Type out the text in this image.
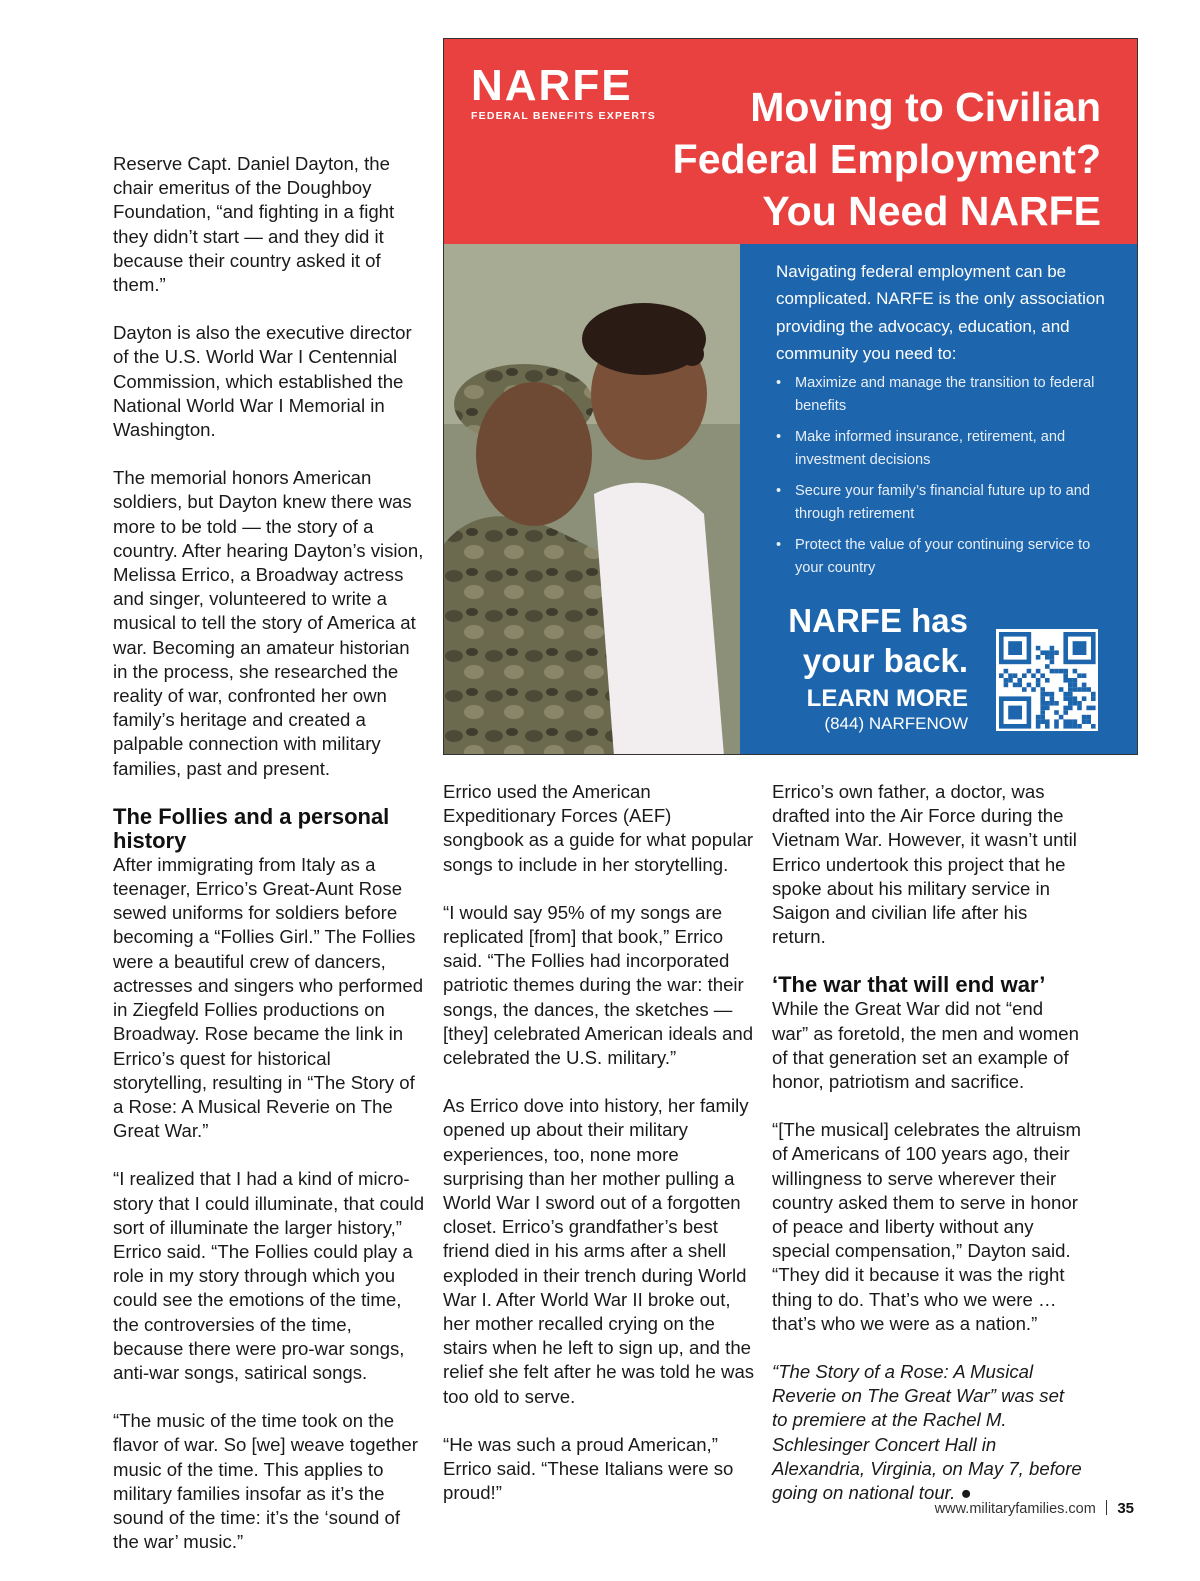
NARFE
FEDERAL BENEFITS EXPERTS	Moving to Civilian
Federal Employment?
You Need NARFE
Navigating federal employment can be complicated. NARFE is the only association providing the advocacy, education, and community you need to:
• Maximize and manage the transition to federal benefits
• Make informed insurance, retirement, and investment decisions
• Secure your family’s financial future up to and through retirement
• Protect the value of your continuing service to your country
NARFE has
your back.
LEARN MORE
(844) NARFENOW

Reserve Capt. Daniel Dayton, the chair emeritus of the Doughboy Foundation, “and fighting in a fight they didn’t start — and they did it because their country asked it of them.”

Dayton is also the executive director of the U.S. World War I Centennial Commission, which established the National World War I Memorial in Washington.

The memorial honors American soldiers, but Dayton knew there was more to be told — the story of a country. After hearing Dayton’s vision, Melissa Errico, a Broadway actress and singer, volunteered to write a musical to tell the story of America at war. Becoming an amateur historian in the process, she researched the reality of war, confronted her own family’s heritage and created a palpable connection with military families, past and present.

The Follies and a personal history

After immigrating from Italy as a teenager, Errico’s Great-Aunt Rose sewed uniforms for soldiers before becoming a “Follies Girl.” The Follies were a beautiful crew of dancers, actresses and singers who performed in Ziegfeld Follies productions on Broadway. Rose became the link in Errico’s quest for historical storytelling, resulting in “The Story of a Rose: A Musical Reverie on The Great War.”

“I realized that I had a kind of micro-story that I could illuminate, that could sort of illuminate the larger history,” Errico said. “The Follies could play a role in my story through which you could see the emotions of the time, the controversies of the time, because there were pro-war songs, anti-war songs, satirical songs.

“The music of the time took on the flavor of war. So [we] weave together music of the time. This applies to military families insofar as it’s the sound of the time: it’s the ‘sound of the war’ music.”

Errico used the American Expeditionary Forces (AEF) songbook as a guide for what popular songs to include in her storytelling.

“I would say 95% of my songs are replicated [from] that book,” Errico said. “The Follies had incorporated patriotic themes during the war: their songs, the dances, the sketches — [they] celebrated American ideals and celebrated the U.S. military.”

As Errico dove into history, her family opened up about their military experiences, too, none more surprising than her mother pulling a World War I sword out of a forgotten closet. Errico’s grandfather’s best friend died in his arms after a shell exploded in their trench during World War I. After World War II broke out, her mother recalled crying on the stairs when he left to sign up, and the relief she felt after he was told he was too old to serve.

“He was such a proud American,” Errico said. “These Italians were so proud!”

Errico’s own father, a doctor, was drafted into the Air Force during the Vietnam War. However, it wasn’t until Errico undertook this project that he spoke about his military service in Saigon and civilian life after his return.

‘The war that will end war’

While the Great War did not “end war” as foretold, the men and women of that generation set an example of honor, patriotism and sacrifice.

“[The musical] celebrates the altruism of Americans of 100 years ago, their willingness to serve wherever their country asked them to serve in honor of peace and liberty without any special compensation,” Dayton said. “They did it because it was the right thing to do. That’s who we were … that’s who we were as a nation.”

“The Story of a Rose: A Musical Reverie on The Great War” was set to premiere at the Rachel M. Schlesinger Concert Hall in Alexandria, Virginia, on May 7, before going on national tour. ●

www.militaryfamilies.com 35
